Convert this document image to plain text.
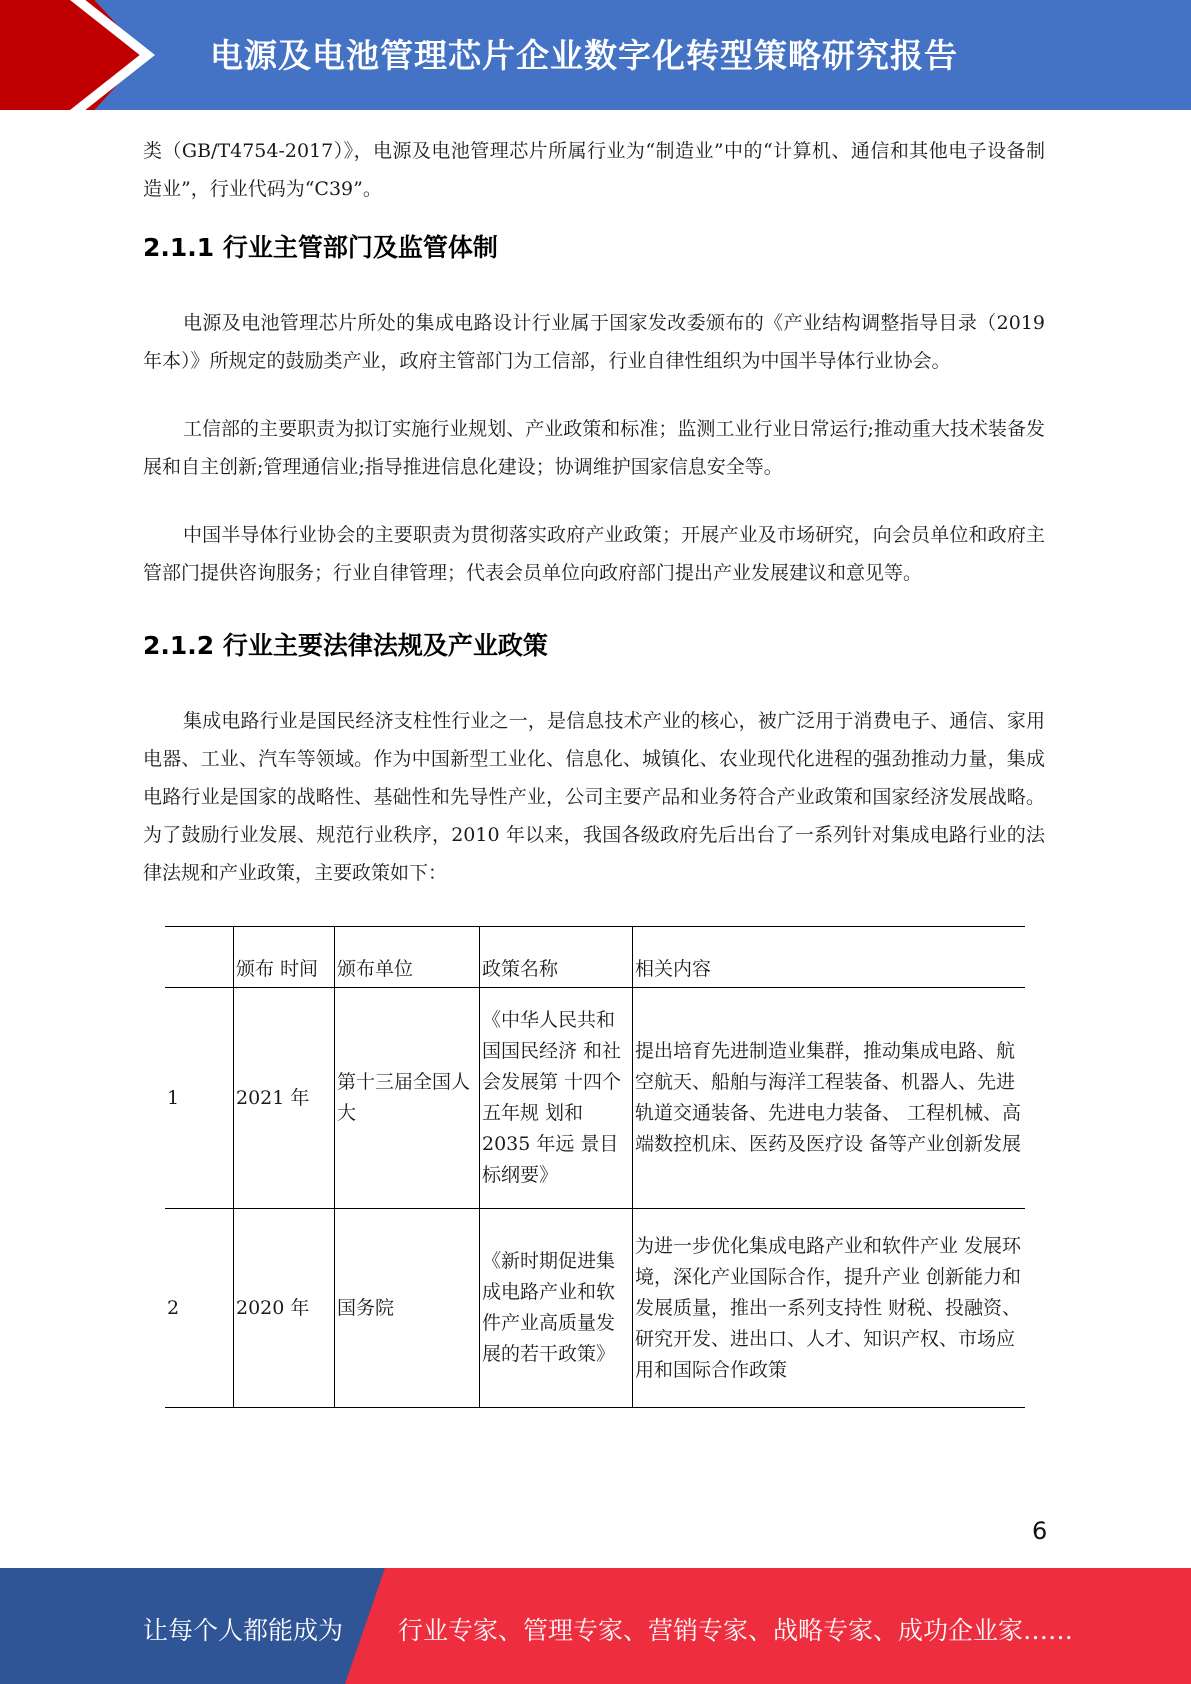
电源及电池管理芯片企业数字化转型策略研究报告

类（GB/T4754-2017）》，电源及电池管理芯片所属行业为“制造业”中的“计算机、通信和其他电子设备制造业”，行业代码为“C39”。

2.1.1 行业主管部门及监管体制

电源及电池管理芯片所处的集成电路设计行业属于国家发改委颁布的《产业结构调整指导目录（2019 年本）》所规定的鼓励类产业，政府主管部门为工信部，行业自律性组织为中国半导体行业协会。

工信部的主要职责为拟订实施行业规划、产业政策和标准；监测工业行业日常运行;推动重大技术装备发展和自主创新;管理通信业;指导推进信息化建设；协调维护国家信息安全等。

中国半导体行业协会的主要职责为贯彻落实政府产业政策；开展产业及市场研究，向会员单位和政府主管部门提供咨询服务；行业自律管理；代表会员单位向政府部门提出产业发展建议和意见等。

2.1.2 行业主要法律法规及产业政策

集成电路行业是国民经济支柱性行业之一，是信息技术产业的核心，被广泛用于消费电子、通信、家用电器、工业、汽车等领域。作为中国新型工业化、信息化、城镇化、农业现代化进程的强劲推动力量，集成电路行业是国家的战略性、基础性和先导性产业，公司主要产品和业务符合产业政策和国家经济发展战略。为了鼓励行业发展、规范行业秩序，2010 年以来，我国各级政府先后出台了一系列针对集成电路行业的法律法规和产业政策，主要政策如下：

	颁布 时间	颁布单位	政策名称	相关内容

1	2021 年	第十三届全国人大	《中华人民共和国国民经济 和社会发展第 十四个五年规 划和 2035 年远 景目标纲要》	提出培育先进制造业集群，推动集成电路、航空航天、船舶与海洋工程装备、机器人、先进轨道交通装备、先进电力装备、 工程机械、高端数控机床、医药及医疗设 备等产业创新发展
2	2020 年	国务院	《新时期促进集成电路产业和软件产业高质量发展的若干政策》	为进一步优化集成电路产业和软件产业 发展环境，深化产业国际合作，提升产业 创新能力和发展质量，推出一系列支持性 财税、投融资、研究开发、进出口、人才、知识产权、市场应用和国际合作政策
6
让每个人都能成为 行业专家、管理专家、营销专家、战略专家、成功企业家……
